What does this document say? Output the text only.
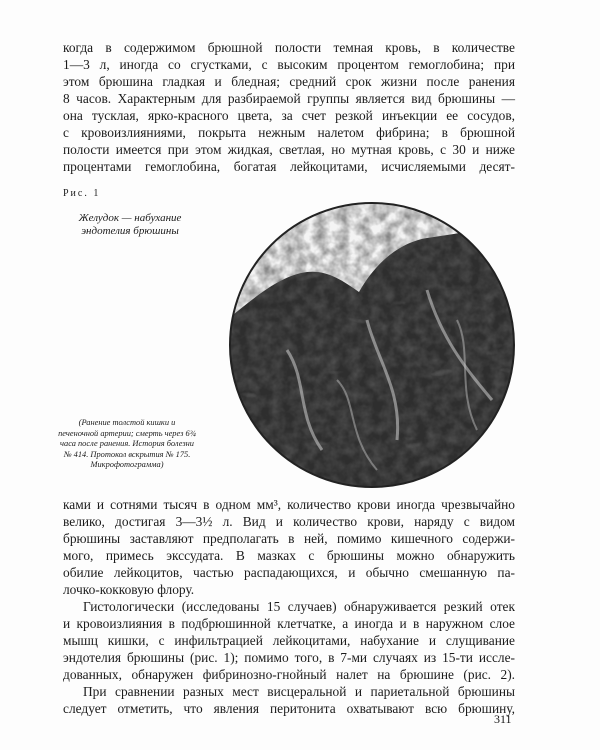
когда в содержимом брюшной полости темная кровь, в количестве
1—3 л, иногда со сгустками, с высоким процентом гемоглобина; при
этом брюшина гладкая и бледная; средний срок жизни после ранения
8 часов. Характерным для разбираемой группы является вид брюшины —
она тусклая, ярко-красного цвета, за счет резкой инъекции ее сосудов,
с кровоизлияниями, покрыта нежным налетом фибрина; в брюшной
полости имеется при этом жидкая, светлая, но мутная кровь, с 30 и ниже
процентами гемоглобина, богатая лейкоцитами, исчисляемыми десят-

Рис. 1

Желудок — набухание эндотелия брюшины

(Ранение толстой кишки и печеночной артерии; смерть через 6¾ часа после ранения. История болезни № 414. Протокол вскрытия № 175. Микрофотограмма)

ками и сотнями тысяч в одном мм³, количество крови иногда чрезвычайно
велико, достигая 3—3½ л. Вид и количество крови, наряду с видом
брюшины заставляют предполагать в ней, помимо кишечного содержи-
мого, примесь экссудата. В мазках с брюшины можно обнаружить
обилие лейкоцитов, частью распадающихся, и обычно смешанную па-
лочко-кокковую флору.
Гистологически (исследованы 15 случаев) обнаруживается резкий отек
и кровоизлияния в подбрюшинной клетчатке, а иногда и в наружном слое
мышц кишки, с инфильтрацией лейкоцитами, набухание и слущивание
эндотелия брюшины (рис. 1); помимо того, в 7-ми случаях из 15-ти иссле-
дованных, обнаружен фибринозно-гнойный налет на брюшине (рис. 2).
При сравнении разных мест висцеральной и париетальной брюшины
следует отметить, что явления перитонита охватывают всю брюшину,

311
